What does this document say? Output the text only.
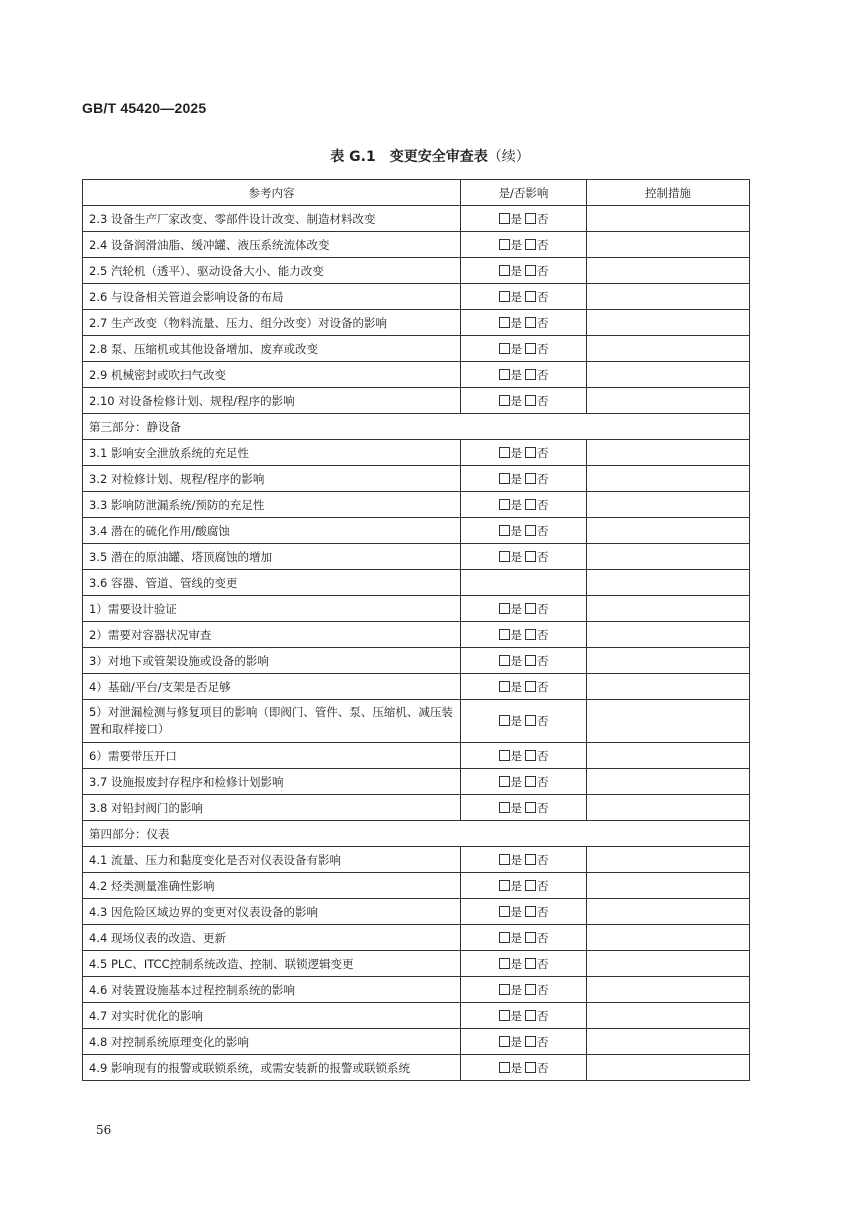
GB/T 45420—2025
表 G.1　变更安全审查表（续）
参考内容	是/否影响	控制措施
2.3 设备生产厂家改变、零部件设计改变、制造材料改变	是 否	
2.4 设备润滑油脂、缓冲罐、液压系统流体改变	是 否	
2.5 汽轮机（透平）、驱动设备大小、能力改变	是 否	
2.6 与设备相关管道会影响设备的布局	是 否	
2.7 生产改变（物料流量、压力、组分改变）对设备的影响	是 否	
2.8 泵、压缩机或其他设备增加、废弃或改变	是 否	
2.9 机械密封或吹扫气改变	是 否	
2.10 对设备检修计划、规程/程序的影响	是 否	
第三部分：静设备		
3.1 影响安全泄放系统的充足性	是 否	
3.2 对检修计划、规程/程序的影响	是 否	
3.3 影响防泄漏系统/预防的充足性	是 否	
3.4 潜在的硫化作用/酸腐蚀	是 否	
3.5 潜在的原油罐、塔顶腐蚀的增加	是 否	
3.6 容器、管道、管线的变更		
1）需要设计验证	是 否	
2）需要对容器状况审查	是 否	
3）对地下或管架设施或设备的影响	是 否	
4）基础/平台/支架是否足够	是 否	
5）对泄漏检测与修复项目的影响（即阀门、管件、泵、压缩机、减压装置和取样接口）	是 否	
6）需要带压开口	是 否	
3.7 设施报废封存程序和检修计划影响	是 否	
3.8 对铅封阀门的影响	是 否	
第四部分：仪表		
4.1 流量、压力和黏度变化是否对仪表设备有影响	是 否	
4.2 烃类测量准确性影响	是 否	
4.3 因危险区域边界的变更对仪表设备的影响	是 否	
4.4 现场仪表的改造、更新	是 否	
4.5 PLC、ITCC控制系统改造、控制、联锁逻辑变更	是 否	
4.6 对装置设施基本过程控制系统的影响	是 否	
4.7 对实时优化的影响	是 否	
4.8 对控制系统原理变化的影响	是 否	
4.9 影响现有的报警或联锁系统，或需安装新的报警或联锁系统	是 否	
56
